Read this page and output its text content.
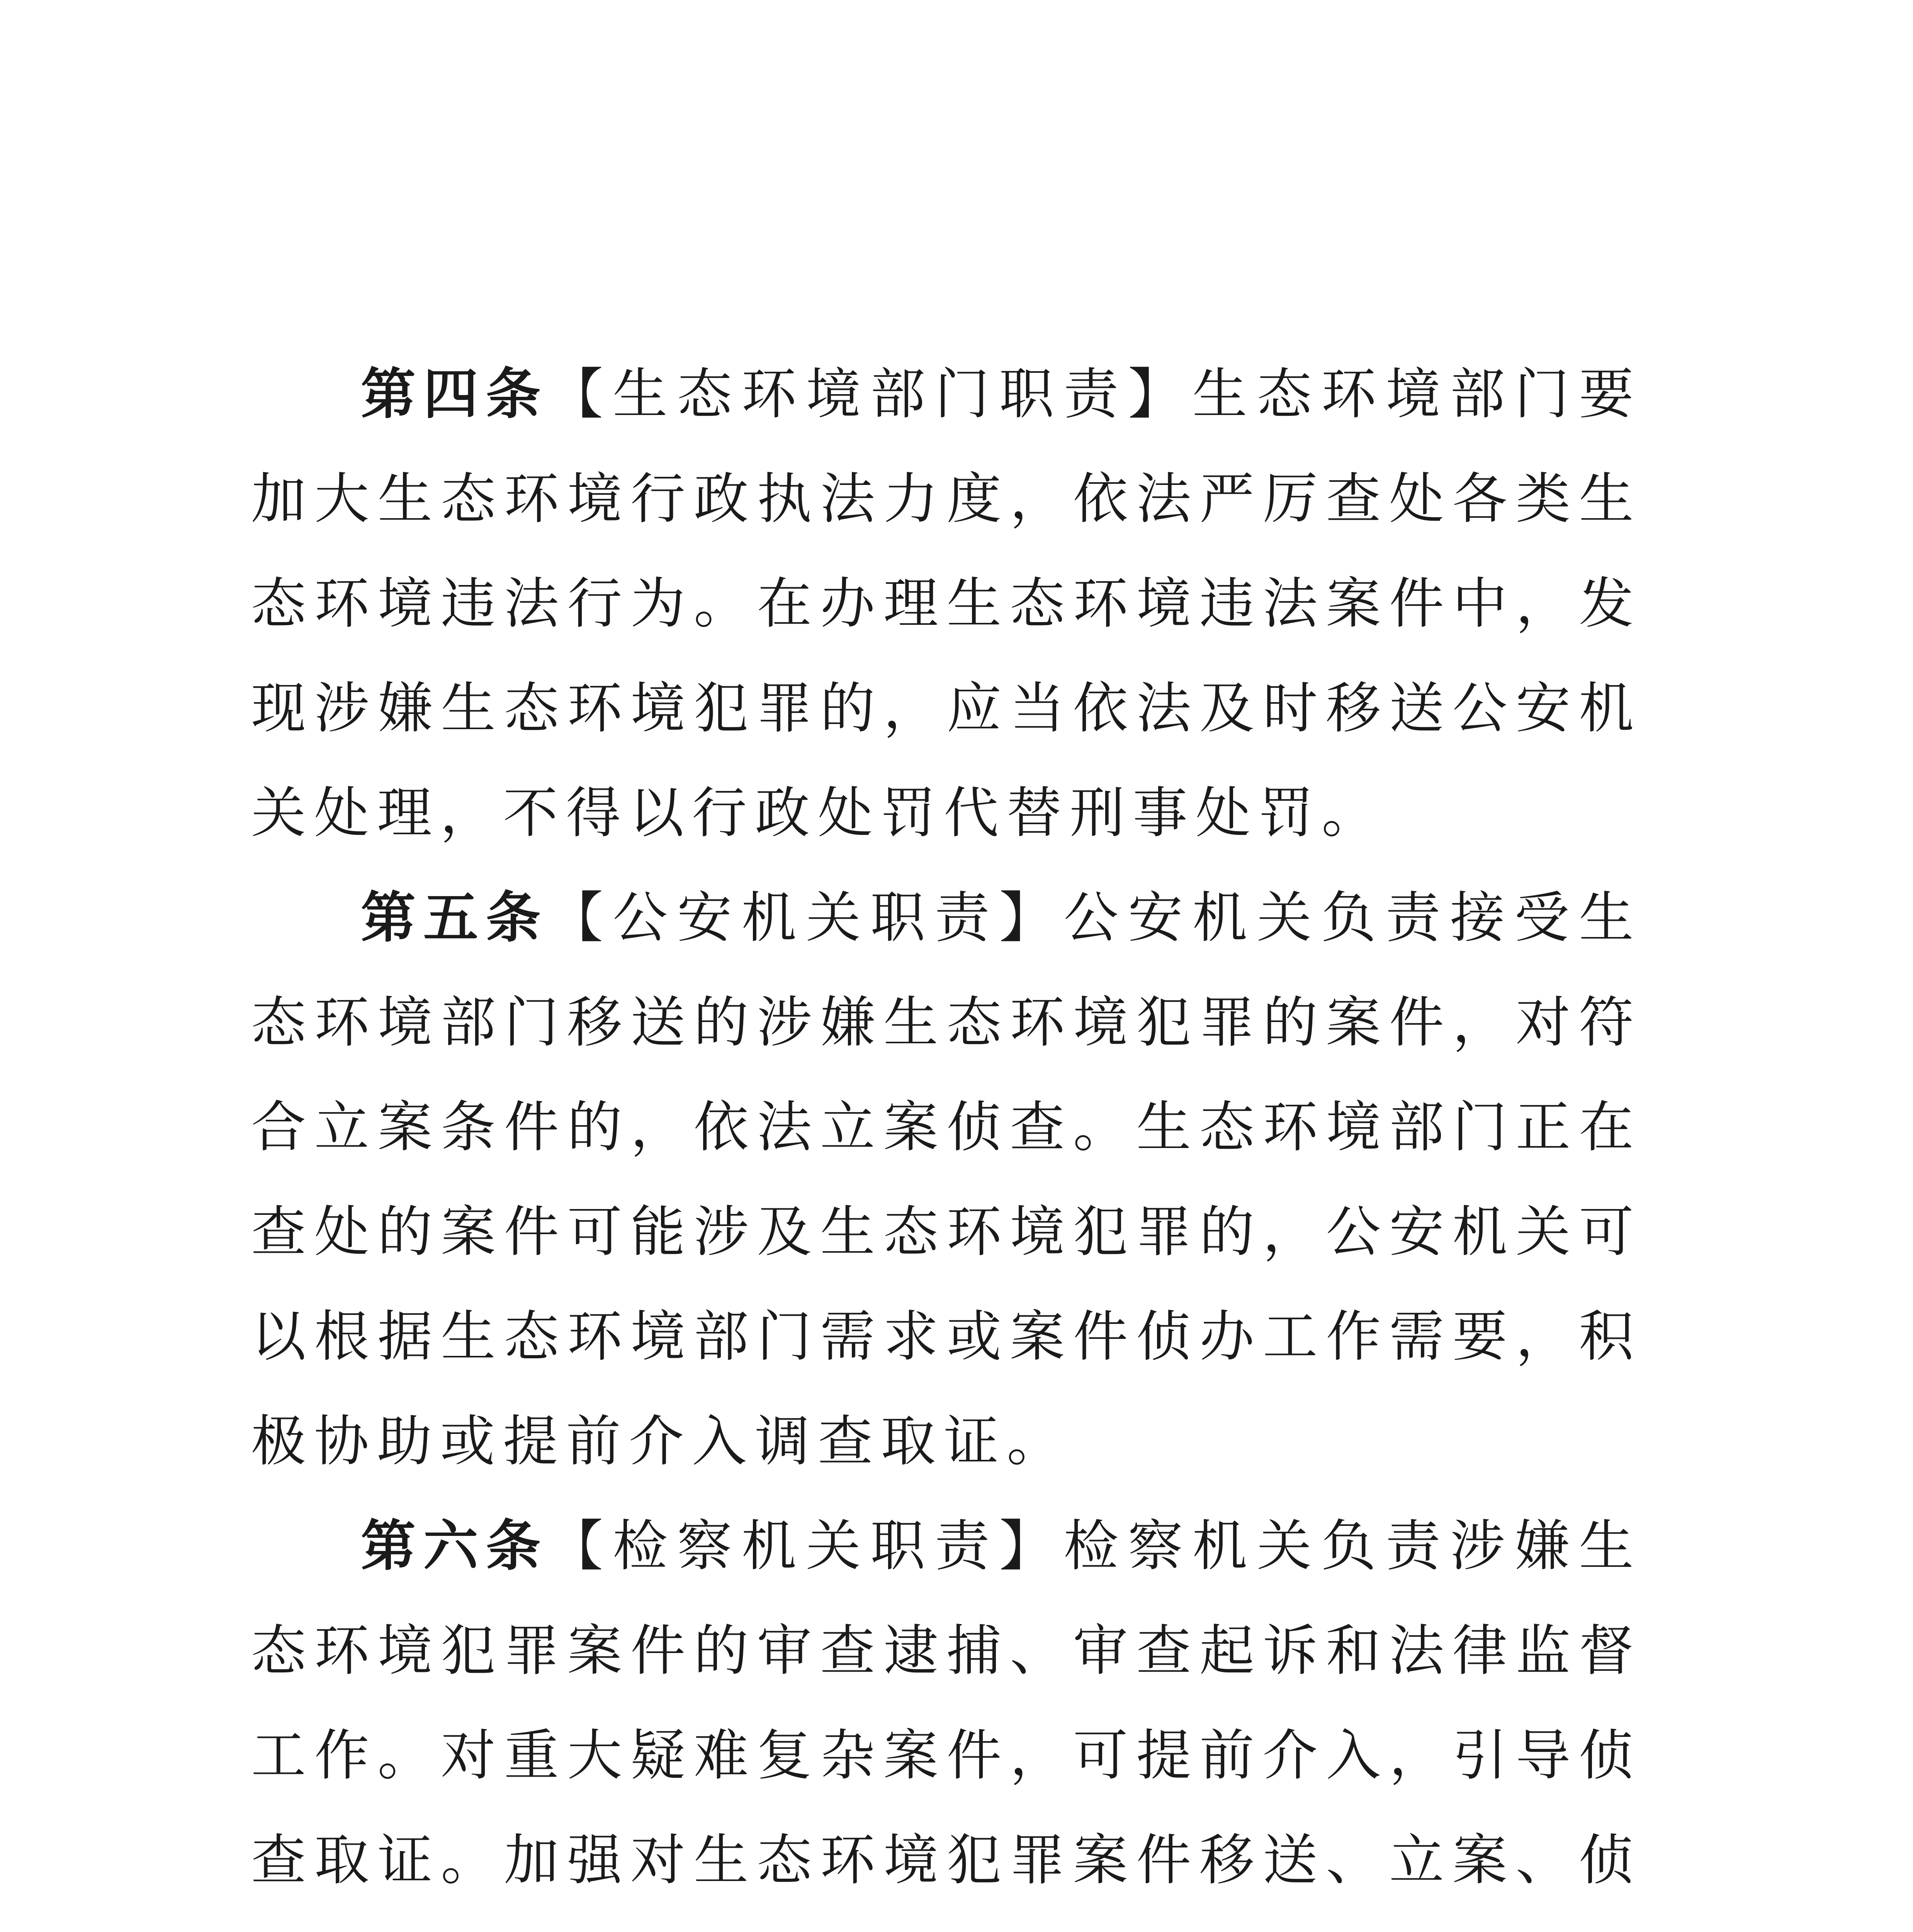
第四条【生态环境部门职责】生态环境部门要加大生态环境行政执法力度，依法严厉查处各类生态环境违法行为。在办理生态环境违法案件中，发现涉嫌生态环境犯罪的，应当依法及时移送公安机关处理，不得以行政处罚代替刑事处罚。

第五条【公安机关职责】公安机关负责接受生态环境部门移送的涉嫌生态环境犯罪的案件，对符合立案条件的，依法立案侦查。生态环境部门正在查处的案件可能涉及生态环境犯罪的，公安机关可以根据生态环境部门需求或案件侦办工作需要，积极协助或提前介入调查取证。

第六条【检察机关职责】检察机关负责涉嫌生态环境犯罪案件的审查逮捕、审查起诉和法律监督工作。对重大疑难复杂案件，可提前介入，引导侦查取证。加强对生态环境犯罪案件移送、立案、侦
